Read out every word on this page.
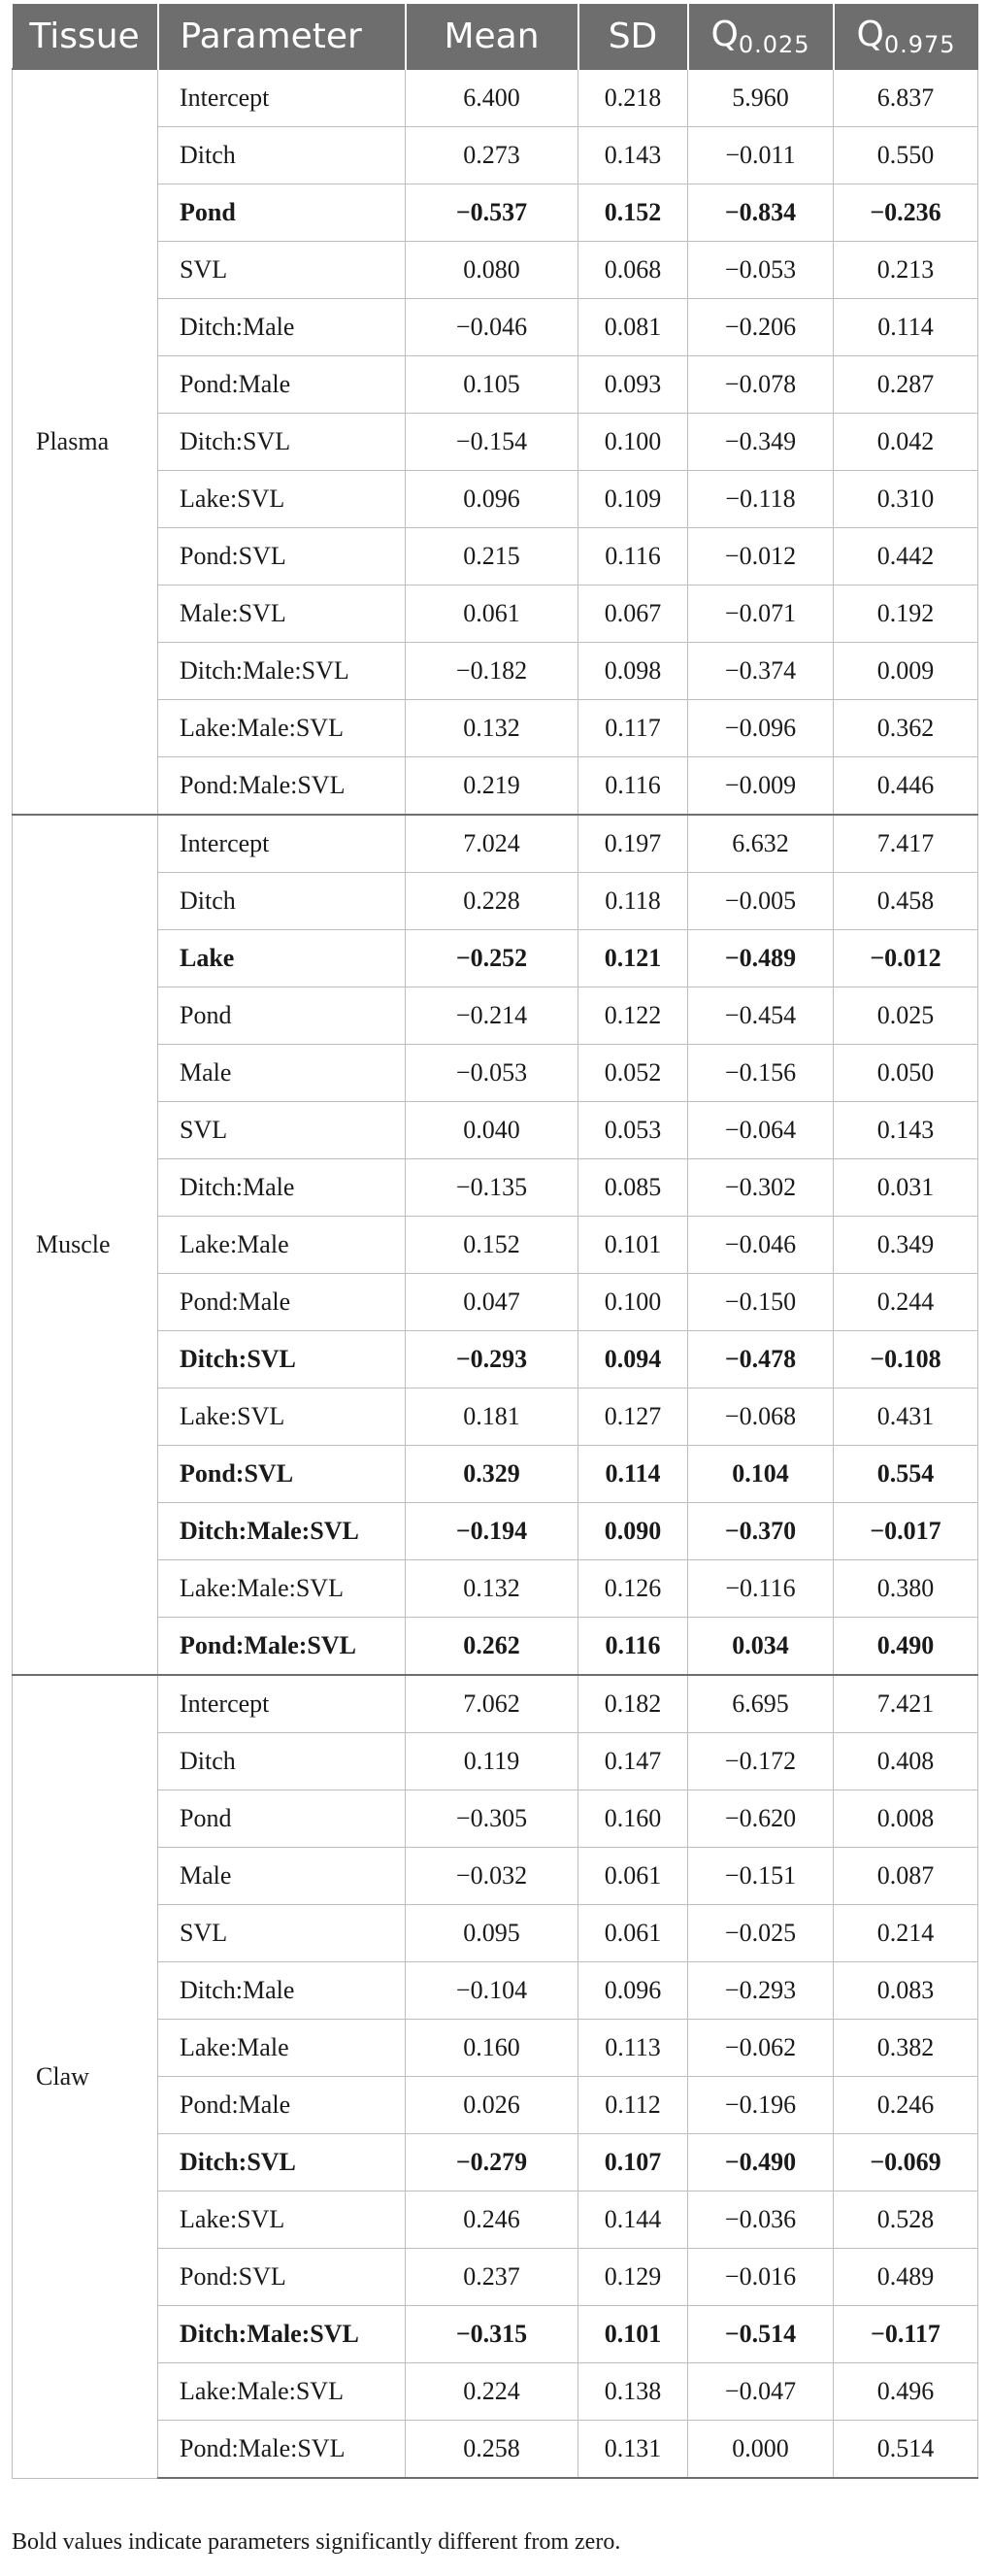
Tissue	Parameter	Mean	SD	$Q_{0.025}$	$Q_{0.975}$
Plasma	Intercept	6.400	0.218	5.960	6.837
	Ditch	0.273	0.143	−0.011	0.550
	Pond	−0.537	0.152	−0.834	−0.236
	SVL	0.080	0.068	−0.053	0.213
	Ditch:Male	−0.046	0.081	−0.206	0.114
	Pond:Male	0.105	0.093	−0.078	0.287
	Ditch:SVL	−0.154	0.100	−0.349	0.042
	Lake:SVL	0.096	0.109	−0.118	0.310
	Pond:SVL	0.215	0.116	−0.012	0.442
	Male:SVL	0.061	0.067	−0.071	0.192
	Ditch:Male:SVL	−0.182	0.098	−0.374	0.009
	Lake:Male:SVL	0.132	0.117	−0.096	0.362
	Pond:Male:SVL	0.219	0.116	−0.009	0.446
Muscle	Intercept	7.024	0.197	6.632	7.417
	Ditch	0.228	0.118	−0.005	0.458
	Lake	−0.252	0.121	−0.489	−0.012
	Pond	−0.214	0.122	−0.454	0.025
	Male	−0.053	0.052	−0.156	0.050
	SVL	0.040	0.053	−0.064	0.143
	Ditch:Male	−0.135	0.085	−0.302	0.031
	Lake:Male	0.152	0.101	−0.046	0.349
	Pond:Male	0.047	0.100	−0.150	0.244
	Ditch:SVL	−0.293	0.094	−0.478	−0.108
	Lake:SVL	0.181	0.127	−0.068	0.431
	Pond:SVL	0.329	0.114	0.104	0.554
	Ditch:Male:SVL	−0.194	0.090	−0.370	−0.017
	Lake:Male:SVL	0.132	0.126	−0.116	0.380
	Pond:Male:SVL	0.262	0.116	0.034	0.490
Claw	Intercept	7.062	0.182	6.695	7.421
	Ditch	0.119	0.147	−0.172	0.408
	Pond	−0.305	0.160	−0.620	0.008
	Male	−0.032	0.061	−0.151	0.087
	SVL	0.095	0.061	−0.025	0.214
	Ditch:Male	−0.104	0.096	−0.293	0.083
	Lake:Male	0.160	0.113	−0.062	0.382
	Pond:Male	0.026	0.112	−0.196	0.246
	Ditch:SVL	−0.279	0.107	−0.490	−0.069
	Lake:SVL	0.246	0.144	−0.036	0.528
	Pond:SVL	0.237	0.129	−0.016	0.489
	Ditch:Male:SVL	−0.315	0.101	−0.514	−0.117
	Lake:Male:SVL	0.224	0.138	−0.047	0.496
	Pond:Male:SVL	0.258	0.131	0.000	0.514
Bold values indicate parameters significantly different from zero.
